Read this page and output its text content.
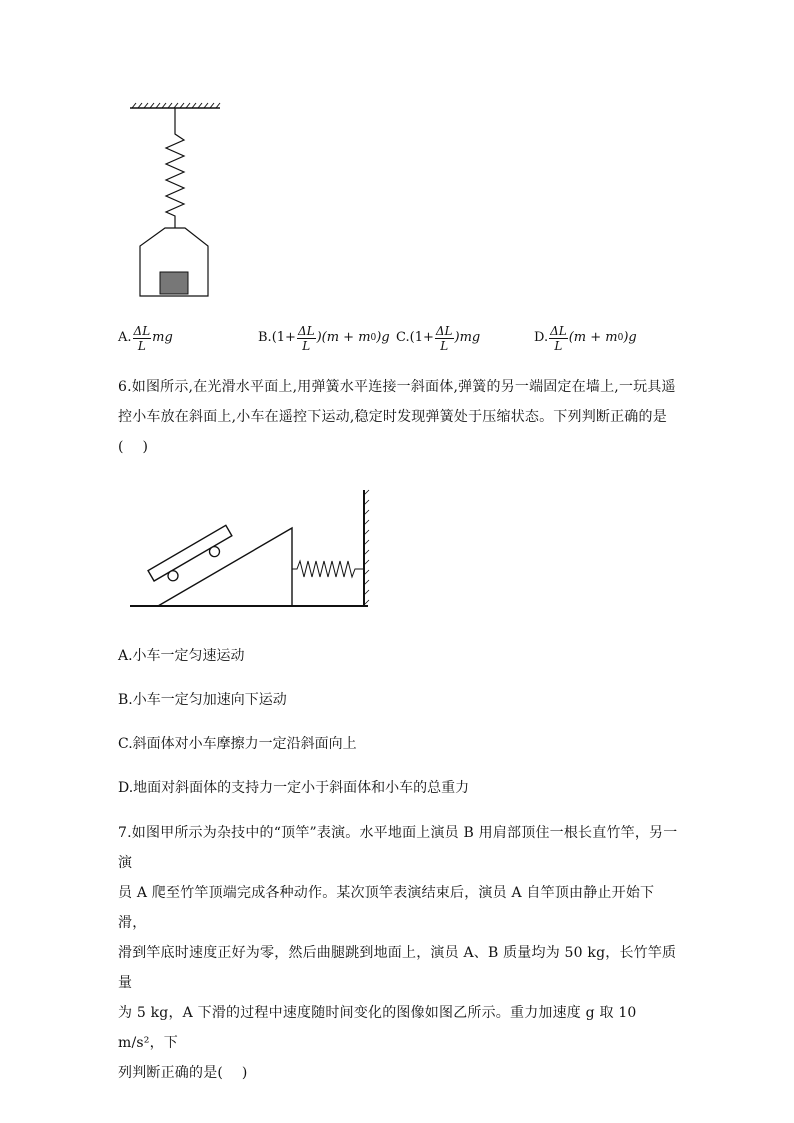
A. $\frac{\Delta L}{L}$ mg	B. $(1+ \frac{\Delta L}{L} )(m + m$ 0 )g C. $(1+ \frac{\Delta L}{L} )mg$	D. $\frac{\Delta L}{L} (m + m$ 0 )g
6.如图所示,在光滑水平面上,用弹簧水平连接一斜面体,弹簧的另一端固定在墙上,一玩具遥
控小车放在斜面上,小车在遥控下运动,稳定时发现弹簧处于压缩状态。下列判断正确的是
(　 )
A.小车一定匀速运动
B.小车一定匀加速向下运动
C.斜面体对小车摩擦力一定沿斜面向上
D.地面对斜面体的支持力一定小于斜面体和小车的总重力
7.如图甲所示为杂技中的“顶竿”表演。水平地面上演员 B 用肩部顶住一根长直竹竿，另一演
员 A 爬至竹竿顶端完成各种动作。某次顶竿表演结束后，演员 A 自竿顶由静止开始下滑，
滑到竿底时速度正好为零，然后曲腿跳到地面上，演员 A、B 质量均为 50 kg，长竹竿质量
为 5 kg，A 下滑的过程中速度随时间变化的图像如图乙所示。重力加速度 g 取 10 m/s²，下
列判断正确的是(　 )
